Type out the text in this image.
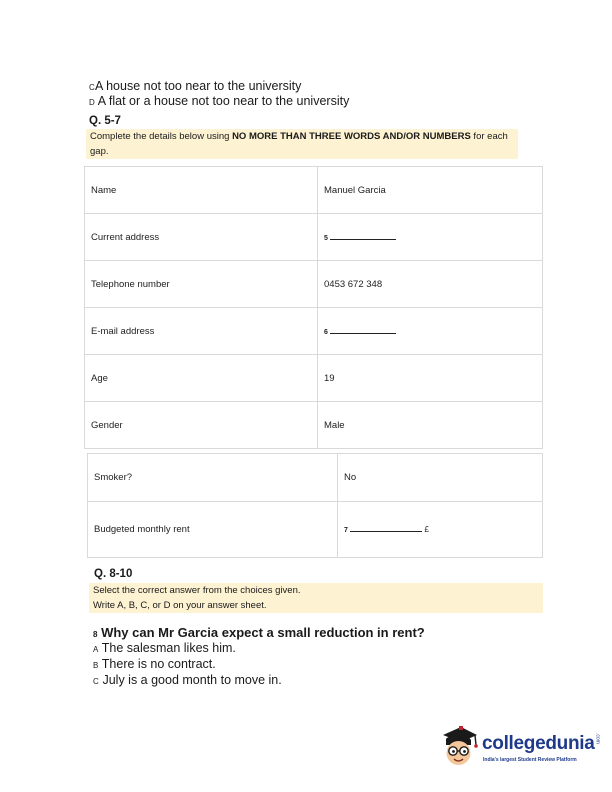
CA house not too near to the university
D A flat or a house not too near to the university
Q. 5-7
Complete the details below using NO MORE THAN THREE WORDS AND/OR NUMBERS for each gap.
Name	Manuel Garcia
Current address	5
Telephone number	0453 672 348
E-mail address	6
Age	19
Gender	Male
Smoker?	No
Budgeted monthly rent	7 £
Q. 8-10
Select the correct answer from the choices given.
Write A, B, C, or D on your answer sheet.
8 Why can Mr Garcia expect a small reduction in rent?
A The salesman likes him.
B There is no contract.
C July is a good month to move in.
collegedunia.com
India's largest Student Review Platform
